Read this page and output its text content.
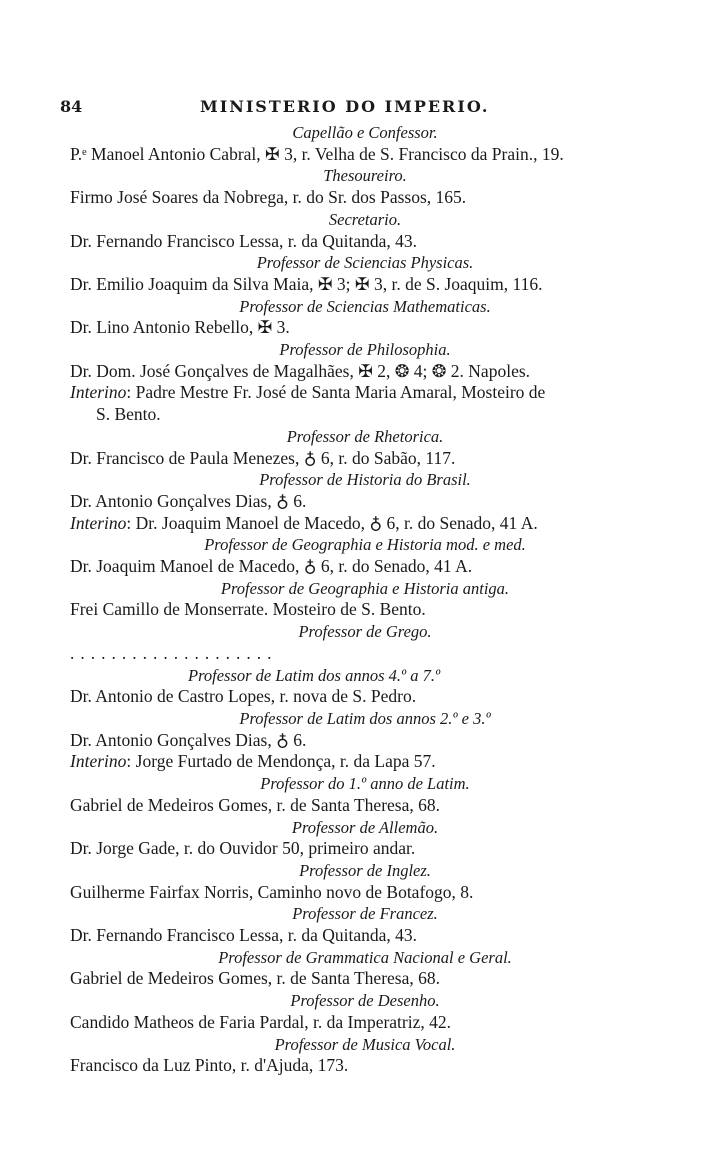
84	MINISTERIO DO IMPERIO.
Capellão e Confessor.
P.ᵉ Manoel Antonio Cabral, ✠ 3, r. Velha de S. Francisco da Prain., 19.
Thesoureiro.
Firmo José Soares da Nobrega, r. do Sr. dos Passos, 165.
Secretario.
Dr. Fernando Francisco Lessa, r. da Quitanda, 43.
Professor de Sciencias Physicas.
Dr. Emilio Joaquim da Silva Maia, ✠ 3; ✠ 3, r. de S. Joaquim, 116.
Professor de Sciencias Mathematicas.
Dr. Lino Antonio Rebello, ✠ 3.
Professor de Philosophia.
Dr. Dom. José Gonçalves de Magalhães, ✠ 2, ❂ 4; ❂ 2. Napoles.
Interino: Padre Mestre Fr. José de Santa Maria Amaral, Mosteiro de
S. Bento.
Professor de Rhetorica.
Dr. Francisco de Paula Menezes, ♁ 6, r. do Sabão, 117.
Professor de Historia do Brasil.
Dr. Antonio Gonçalves Dias, ♁ 6.
Interino: Dr. Joaquim Manoel de Macedo, ♁ 6, r. do Senado, 41 A.
Professor de Geographia e Historia mod. e med.
Dr. Joaquim Manoel de Macedo, ♁ 6, r. do Senado, 41 A.
Professor de Geographia e Historia antiga.
Frei Camillo de Monserrate. Mosteiro de S. Bento.
Professor de Grego.
....................
Professor de Latim dos annos 4.º a 7.º
Dr. Antonio de Castro Lopes, r. nova de S. Pedro.
Professor de Latim dos annos 2.º e 3.º
Dr. Antonio Gonçalves Dias, ♁ 6.
Interino: Jorge Furtado de Mendonça, r. da Lapa 57.
Professor do 1.º anno de Latim.
Gabriel de Medeiros Gomes, r. de Santa Theresa, 68.
Professor de Allemão.
Dr. Jorge Gade, r. do Ouvidor 50, primeiro andar.
Professor de Inglez.
Guilherme Fairfax Norris, Caminho novo de Botafogo, 8.
Professor de Francez.
Dr. Fernando Francisco Lessa, r. da Quitanda, 43.
Professor de Grammatica Nacional e Geral.
Gabriel de Medeiros Gomes, r. de Santa Theresa, 68.
Professor de Desenho.
Candido Matheos de Faria Pardal, r. da Imperatriz, 42.
Professor de Musica Vocal.
Francisco da Luz Pinto, r. d'Ajuda, 173.
